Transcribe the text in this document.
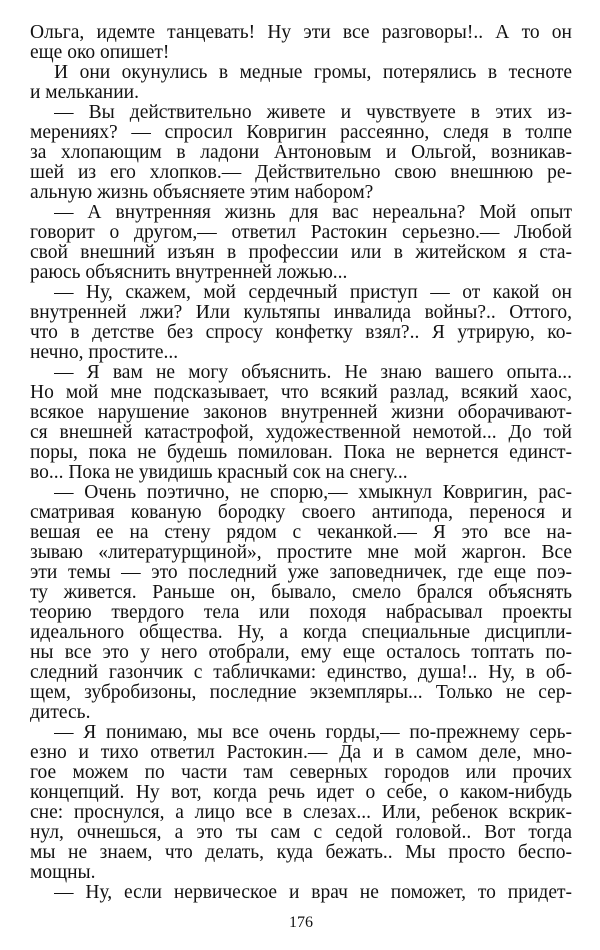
Ольга, идемте танцевать! Ну эти все разговоры!.. А то он
еще око опишет!
И они окунулись в медные громы, потерялись в тесноте
и мелькании.
— Вы действительно живете и чувствуете в этих из-
мерениях? — спросил Ковригин рассеянно, следя в толпе
за хлопающим в ладони Антоновым и Ольгой, возникав-
шей из его хлопков.— Действительно свою внешнюю ре-
альную жизнь объясняете этим набором?
— А внутренняя жизнь для вас нереальна? Мой опыт
говорит о другом,— ответил Растокин серьезно.— Любой
свой внешний изъян в профессии или в житейском я ста-
раюсь объяснить внутренней ложью...
— Ну, скажем, мой сердечный приступ — от какой он
внутренней лжи? Или культяпы инвалида войны?.. Оттого,
что в детстве без спросу конфетку взял?.. Я утрирую, ко-
нечно, простите...
— Я вам не могу объяснить. Не знаю вашего опыта...
Но мой мне подсказывает, что всякий разлад, всякий хаос,
всякое нарушение законов внутренней жизни оборачивают-
ся внешней катастрофой, художественной немотой... До той
поры, пока не будешь помилован. Пока не вернется единст-
во... Пока не увидишь красный сок на снегу...
— Очень поэтично, не спорю,— хмыкнул Ковригин, рас-
сматривая кованую бородку своего антипода, перенося и
вешая ее на стену рядом с чеканкой.— Я это все на-
зываю «литературщиной», простите мне мой жаргон. Все
эти темы — это последний уже заповедничек, где еще поэ-
ту живется. Раньше он, бывало, смело брался объяснять
теорию твердого тела или походя набрасывал проекты
идеального общества. Ну, а когда специальные дисципли-
ны все это у него отобрали, ему еще осталось топтать по-
следний газончик с табличками: единство, душа!.. Ну, в об-
щем, зубробизоны, последние экземпляры... Только не сер-
дитесь.
— Я понимаю, мы все очень горды,— по-прежнему серь-
езно и тихо ответил Растокин.— Да и в самом деле, мно-
гое можем по части там северных городов или прочих
концепций. Ну вот, когда речь идет о себе, о каком-нибудь
сне: проснулся, а лицо все в слезах... Или, ребенок вскрик-
нул, очнешься, а это ты сам с седой головой.. Вот тогда
мы не знаем, что делать, куда бежать.. Мы просто беспо-
мощны.
— Ну, если нервическое и врач не поможет, то придет-
176
